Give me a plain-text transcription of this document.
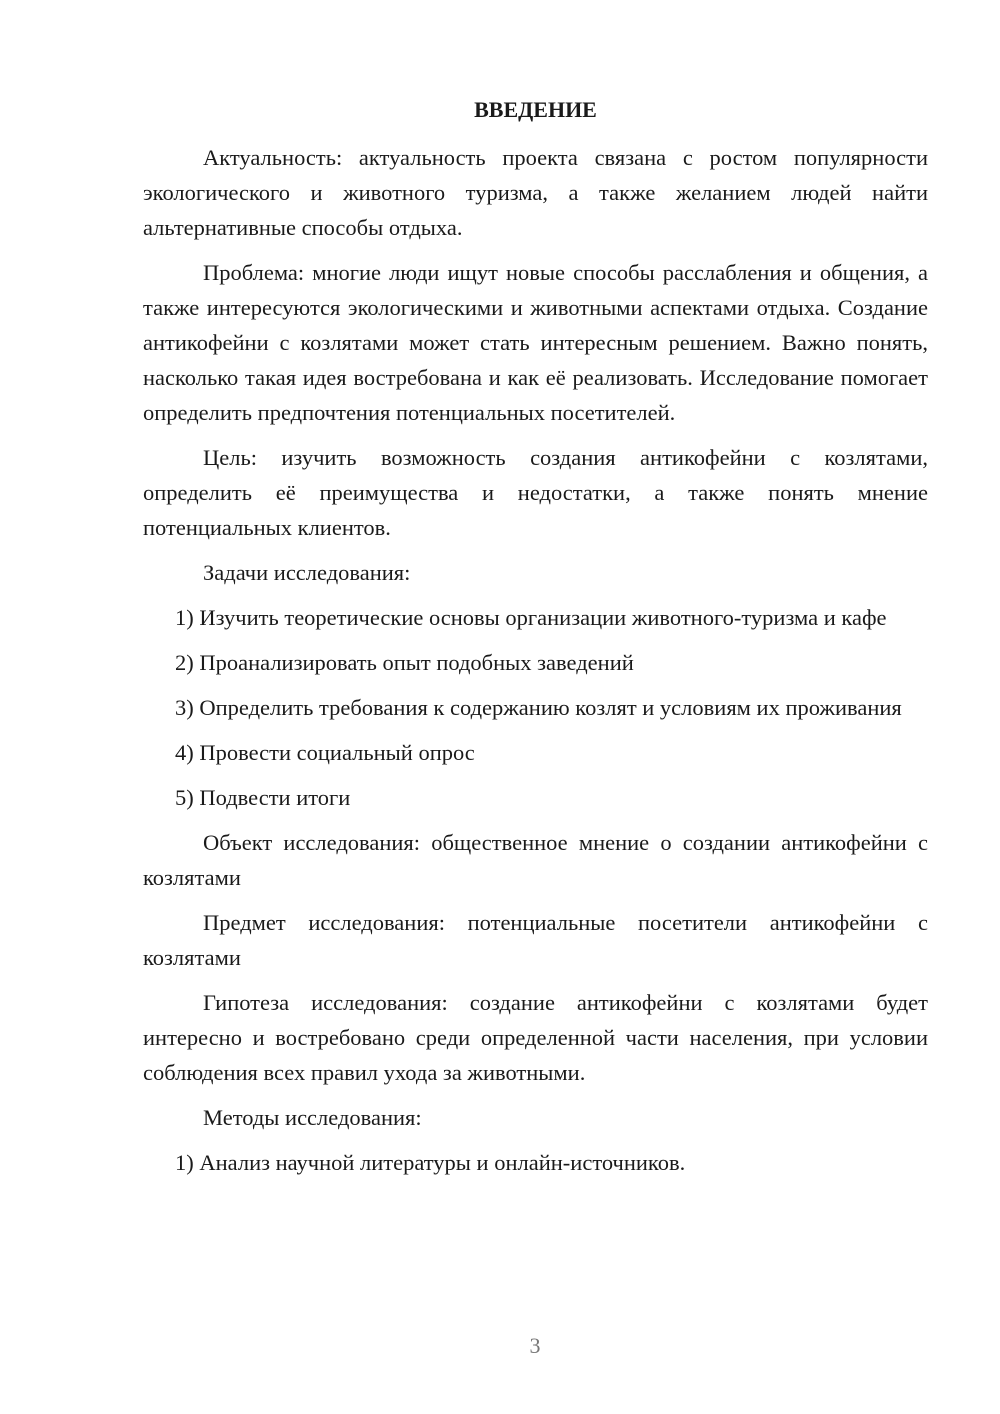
ВВЕДЕНИЕ

Актуальность: актуальность проекта связана с ростом популярности экологического и животного туризма, а также желанием людей найти альтернативные способы отдыха.

Проблема: многие люди ищут новые способы расслабления и общения, а также интересуются экологическими и животными аспектами отдыха. Создание антикофейни с козлятами может стать интересным решением. Важно понять, насколько такая идея востребована и как её реализовать. Исследование помогает определить предпочтения потенциальных посетителей.

Цель: изучить возможность создания антикофейни с козлятами, определить её преимущества и недостатки, а также понять мнение потенциальных клиентов.

Задачи исследования:

1) Изучить теоретические основы организации животного-туризма и кафе

2) Проанализировать опыт подобных заведений

3) Определить требования к содержанию козлят и условиям их проживания

4) Провести социальный опрос

5) Подвести итоги

Объект исследования: общественное мнение о создании антикофейни с козлятами

Предмет исследования: потенциальные посетители антикофейни с козлятами

Гипотеза исследования: создание антикофейни с козлятами будет интересно и востребовано среди определенной части населения, при условии соблюдения всех правил ухода за животными.

Методы исследования:

1) Анализ научной литературы и онлайн-источников.

3
